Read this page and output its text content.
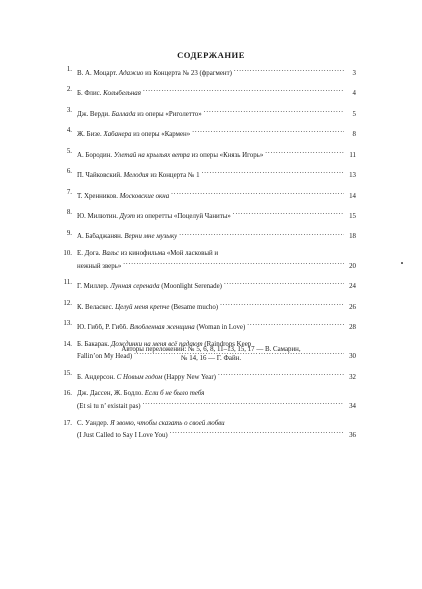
СОДЕРЖАНИЕ
1.
В. А. Моцарт. Адажио из Концерта № 23 (фрагмент) . . .	3
2.
Б. Флис. Колыбельная . . .	4
3.
Дж. Верди. Баллада из оперы «Риголетто» . . .	5
4.
Ж. Бизе. Хабанера из оперы «Кармен» . . .	8
5.
А. Бородин. Улетай на крыльях ветра из оперы «Князь Игорь» . . .	11
6.
П. Чайковский. Мелодия из Концерта № 1 . . .	13
7.
Т. Хренников. Московские окна . . .	14
8.
Ю. Милютин. Дуэт из оперетты «Поцелуй Чаниты» . . .	15
9.
А. Бабаджанян. Верни мне музыку . . .	18
10. Е. Дога. Вальс из кинофильма «Мой ласковый и
нежный зверь» . . .	20
11.
Г. Миллер. Лунная серенада (Moonlight Serenade) . . .	24
12.
К. Веласкес. Целуй меня крепче (Besame mucho) . . .	26
13.
Ю. Гибб, Р. Гибб. Влюбленная женщина (Woman in Love) . . .	28
14. Б. Бакарак. Дождинки на меня всё падают (Raindrops Keep
Fallin’on My Head) . . .	30
15.
Б. Андерсон. С Новым годом (Happy New Year) . . .	32
16. Дж. Дассен, Ж. Бодло. Если б не было тебя
(Et si tu n’ existait pas) . . .	34
17. С. Уандер. Я звоню, чтобы сказать о своей любви
(I Just Called to Say I Love You) . . .	36
Авторы переложений: № 5, 6, 8, 11–13, 15, 17 — В. Самарин,
№ 14, 16 — Г. Файн.
